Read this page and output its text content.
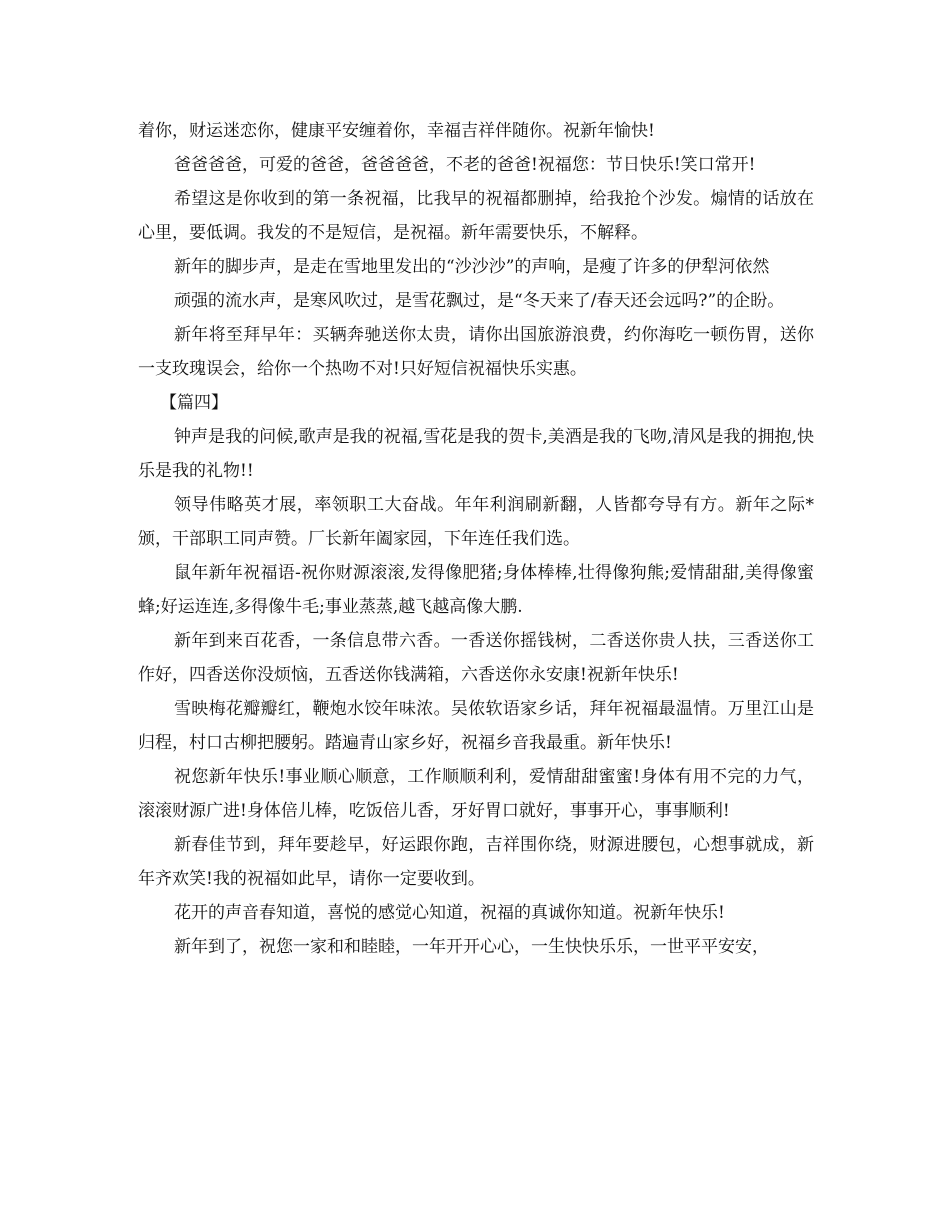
着你，财运迷恋你，健康平安缠着你，幸福吉祥伴随你。祝新年愉快!

爸爸爸爸，可爱的爸爸，爸爸爸爸，不老的爸爸!祝福您：节日快乐!笑口常开!

希望这是你收到的第一条祝福，比我早的祝福都删掉，给我抢个沙发。煽情的话放在心里，要低调。我发的不是短信，是祝福。新年需要快乐，不解释。

新年的脚步声，是走在雪地里发出的“沙沙沙”的声响，是瘦了许多的伊犁河依然

顽强的流水声，是寒风吹过，是雪花飘过，是“冬天来了/春天还会远吗?”的企盼。

新年将至拜早年：买辆奔驰送你太贵，请你出国旅游浪费，约你海吃一顿伤胃，送你一支玫瑰误会，给你一个热吻不对!只好短信祝福快乐实惠。

【篇四】

钟声是我的问候,歌声是我的祝福,雪花是我的贺卡,美酒是我的飞吻,清风是我的拥抱,快乐是我的礼物!!

领导伟略英才展，率领职工大奋战。年年利润刷新翻，人皆都夸导有方。新年之际*颁，干部职工同声赞。厂长新年阖家园，下年连任我们选。

鼠年新年祝福语-祝你财源滚滚,发得像肥猪;身体棒棒,壮得像狗熊;爱情甜甜,美得像蜜蜂;好运连连,多得像牛毛;事业蒸蒸,越飞越高像大鹏.

新年到来百花香，一条信息带六香。一香送你摇钱树，二香送你贵人扶，三香送你工作好，四香送你没烦恼，五香送你钱满箱，六香送你永安康!祝新年快乐!

雪映梅花瓣瓣红，鞭炮水饺年味浓。吴侬软语家乡话，拜年祝福最温情。万里江山是归程，村口古柳把腰躬。踏遍青山家乡好，祝福乡音我最重。新年快乐!

祝您新年快乐!事业顺心顺意，工作顺顺利利，爱情甜甜蜜蜜!身体有用不完的力气，滚滚财源广进!身体倍儿棒，吃饭倍儿香，牙好胃口就好，事事开心，事事顺利!

新春佳节到，拜年要趁早，好运跟你跑，吉祥围你绕，财源进腰包，心想事就成，新年齐欢笑!我的祝福如此早，请你一定要收到。

花开的声音春知道，喜悦的感觉心知道，祝福的真诚你知道。祝新年快乐!

新年到了，祝您一家和和睦睦，一年开开心心，一生快快乐乐，一世平平安安，
